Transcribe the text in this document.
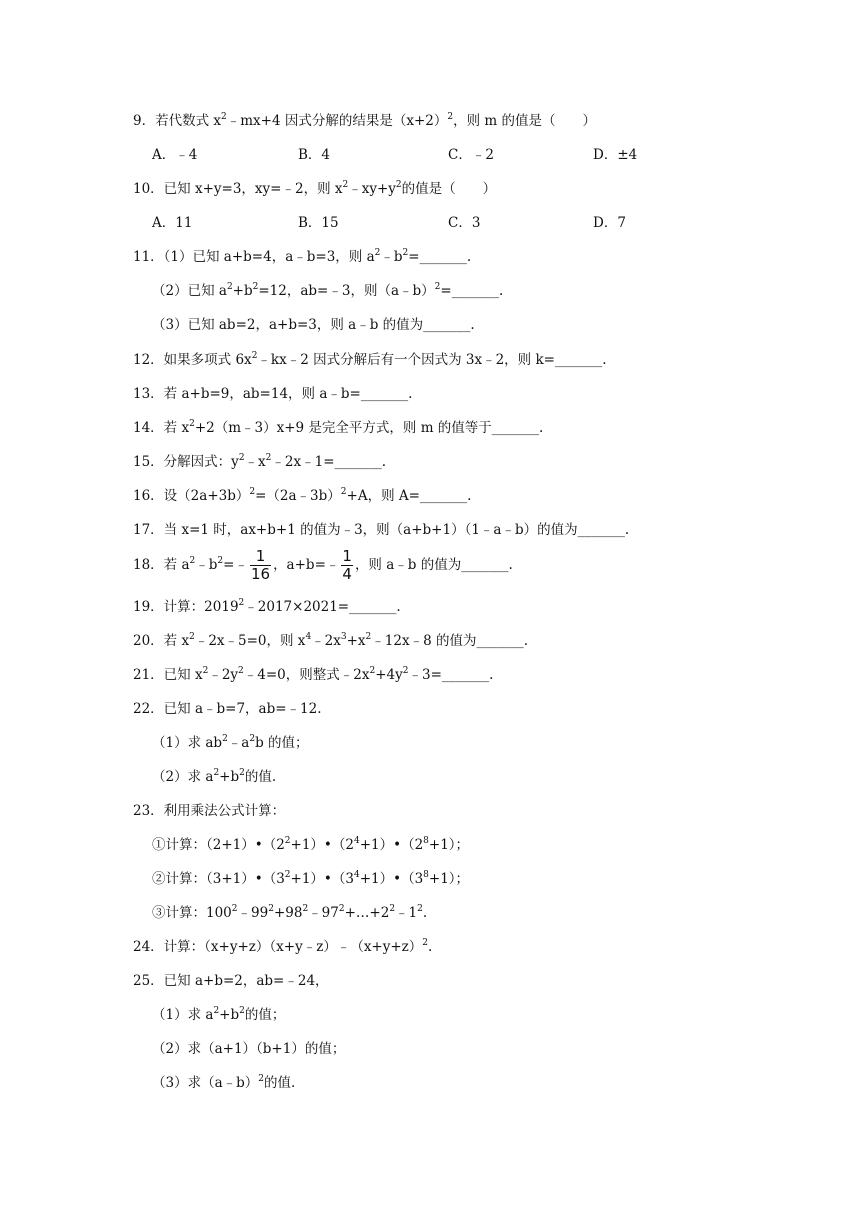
9．若代数式 $x^2﹣mx+4$ 因式分解的结果是$(x+2)^2$，则 m 的值是（　　）
A．﹣4	B．4	C．﹣2	D．±4
10．已知 x+y=3，xy=﹣2，则 $x^2﹣xy+y^2$的值是（　　）
A．11	B．15	C．3	D．7
11．（1）已知 a+b=4，a﹣b=3，则 $a^2﹣b^2=\_\_\_\_\_\_\_$.
（2）已知 $a^2+b^2=12$，ab=﹣3，则（a﹣b）$^2$=_______.
（3）已知 ab=2，a+b=3，则 a﹣b 的值为_______.
12．如果多项式 $6x^2﹣kx﹣2$ 因式分解后有一个因式为 3x﹣2，则 k=_______.
13．若 a+b=9，ab=14，则 a﹣b=_______.
14．若 $x^2+2(m﹣3)x+9$ 是完全平方式，则 m 的值等于_______.
15．分解因式：$y^2﹣x^2﹣2x﹣1=\_\_\_\_\_\_\_$.
16．设$(2a+3b)^2=(2a﹣3b)^2+A$，则 A=_______.
17．当 x=1 时，ax+b+1 的值为﹣3，则（a+b+1）（1﹣a﹣b）的值为_______.
18．若 $a^2﹣b^2=﹣ \frac{1}{16}$ ，a+b=﹣ $\frac{1}{4}$ ，则 a﹣b 的值为_______.
19．计算：$2019^2﹣2017\times 2021=\_\_\_\_\_\_\_$.
20．若 $x^2﹣2x﹣5=0$，则 $x^4﹣2x^3+x^2﹣12x﹣8$ 的值为_______.
21．已知 $x^2﹣2y^2﹣4=0$，则整式$﹣2x^2+4y^2﹣3=\_\_\_\_\_\_\_$.
22．已知 a﹣b=7，ab=﹣12.
（1）求 $ab^2﹣a^2b$ 的值；
（2）求 $a^2+b^2$的值.
23．利用乘法公式计算：
①计算：$(2+1)•(2^2+1)•(2^4+1)•(2^8+1)$；
②计算：$(3+1)•(3^2+1)•(3^4+1)•(3^8+1)$；
③计算：$100^2﹣99^2+98^2﹣97^2+\dots+2^2﹣1^2$.
24．计算：$(x+y+z)(x+y﹣z)﹣(x+y+z)^2$.
25．已知 a+b=2，ab=﹣24，
（1）求 $a^2+b^2$的值；
（2）求（a+1）（b+1）的值；
（3）求（a﹣b）$^2$的值.
